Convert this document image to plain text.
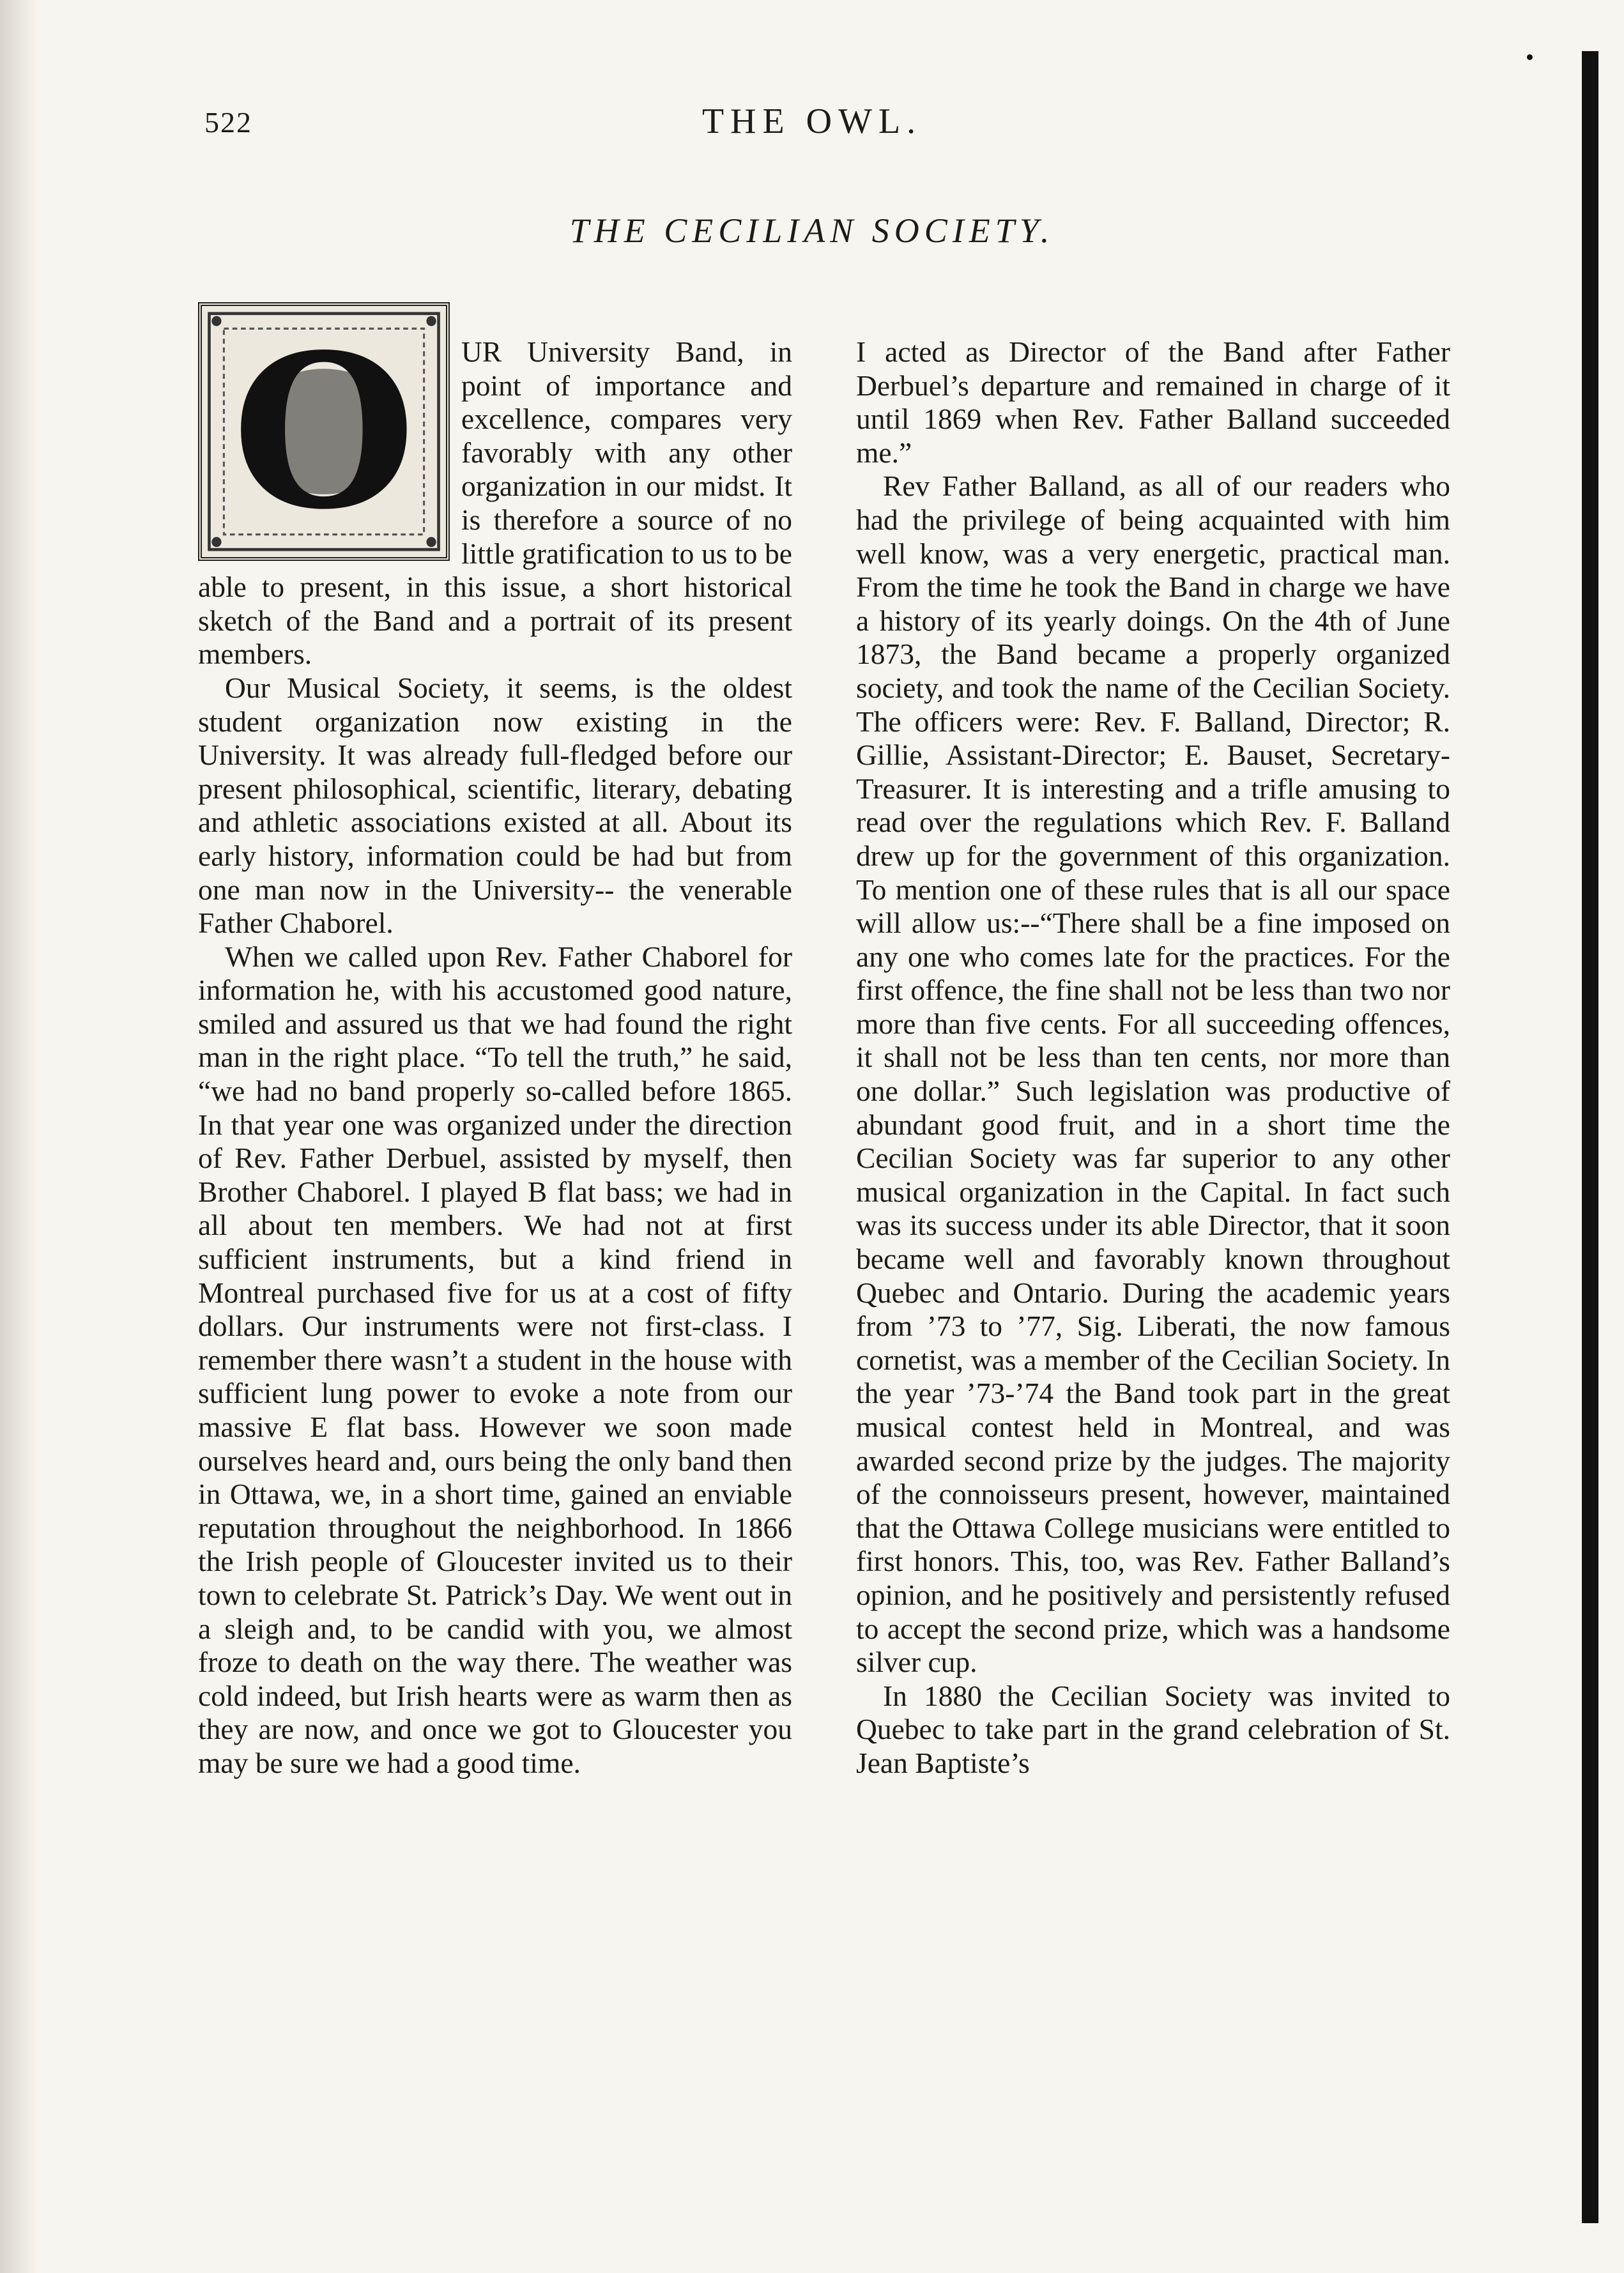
522	THE OWL.
THE CECILIAN SOCIETY.
O	UR University Band, in point of importance and excellence, compares very favorably with any other organization in our midst. It is therefore a source of no little gratification to us to be able to present, in this issue, a short historical sketch of the Band and a portrait of its present members.

Our Musical Society, it seems, is the oldest student organization now existing in the University. It was already full-fledged before our present philosophical, scientific, literary, debating and athletic associations existed at all. About its early history, information could be had but from one man now in the University-- the venerable Father Chaborel.

When we called upon Rev. Father Chaborel for information he, with his accustomed good nature, smiled and assured us that we had found the right man in the right place. “To tell the truth,” he said, “we had no band properly so-called before 1865. In that year one was organized under the direction of Rev. Father Derbuel, assisted by myself, then Brother Chaborel. I played B flat bass; we had in all about ten members. We had not at first sufficient instruments, but a kind friend in Montreal purchased five for us at a cost of fifty dollars. Our instruments were not first-class. I remember there wasn’t a student in the house with sufficient lung power to evoke a note from our massive E flat bass. However we soon made ourselves heard and, ours being the only band then in Ottawa, we, in a short time, gained an enviable reputation throughout the neighborhood. In 1866 the Irish people of Gloucester invited us to their town to celebrate St. Patrick’s Day. We went out in a sleigh and, to be candid with you, we almost froze to death on the way there. The weather was cold indeed, but Irish hearts were as warm then as they are now, and once we got to Gloucester you may be sure we had a good time.

I acted as Director of the Band after Father Derbuel’s departure and remained in charge of it until 1869 when Rev. Father Balland succeeded me.”

Rev Father Balland, as all of our readers who had the privilege of being acquainted with him well know, was a very energetic, practical man. From the time he took the Band in charge we have a history of its yearly doings. On the 4th of June 1873, the Band became a properly organized society, and took the name of the Cecilian Society. The officers were: Rev. F. Balland, Director; R. Gillie, Assistant-Director; E. Bauset, Secretary-Treasurer. It is interesting and a trifle amusing to read over the regulations which Rev. F. Balland drew up for the government of this organization. To mention one of these rules that is all our space will allow us:--“There shall be a fine imposed on any one who comes late for the practices. For the first offence, the fine shall not be less than two nor more than five cents. For all succeeding offences, it shall not be less than ten cents, nor more than one dollar.” Such legislation was productive of abundant good fruit, and in a short time the Cecilian Society was far superior to any other musical organization in the Capital. In fact such was its success under its able Director, that it soon became well and favorably known throughout Quebec and Ontario. During the academic years from ’73 to ’77, Sig. Liberati, the now famous cornetist, was a member of the Cecilian Society. In the year ’73-’74 the Band took part in the great musical contest held in Montreal, and was awarded second prize by the judges. The majority of the connoisseurs present, however, maintained that the Ottawa College musicians were entitled to first honors. This, too, was Rev. Father Balland’s opinion, and he positively and persistently refused to accept the second prize, which was a handsome silver cup.

In 1880 the Cecilian Society was invited to Quebec to take part in the grand celebration of St. Jean Baptiste’s
